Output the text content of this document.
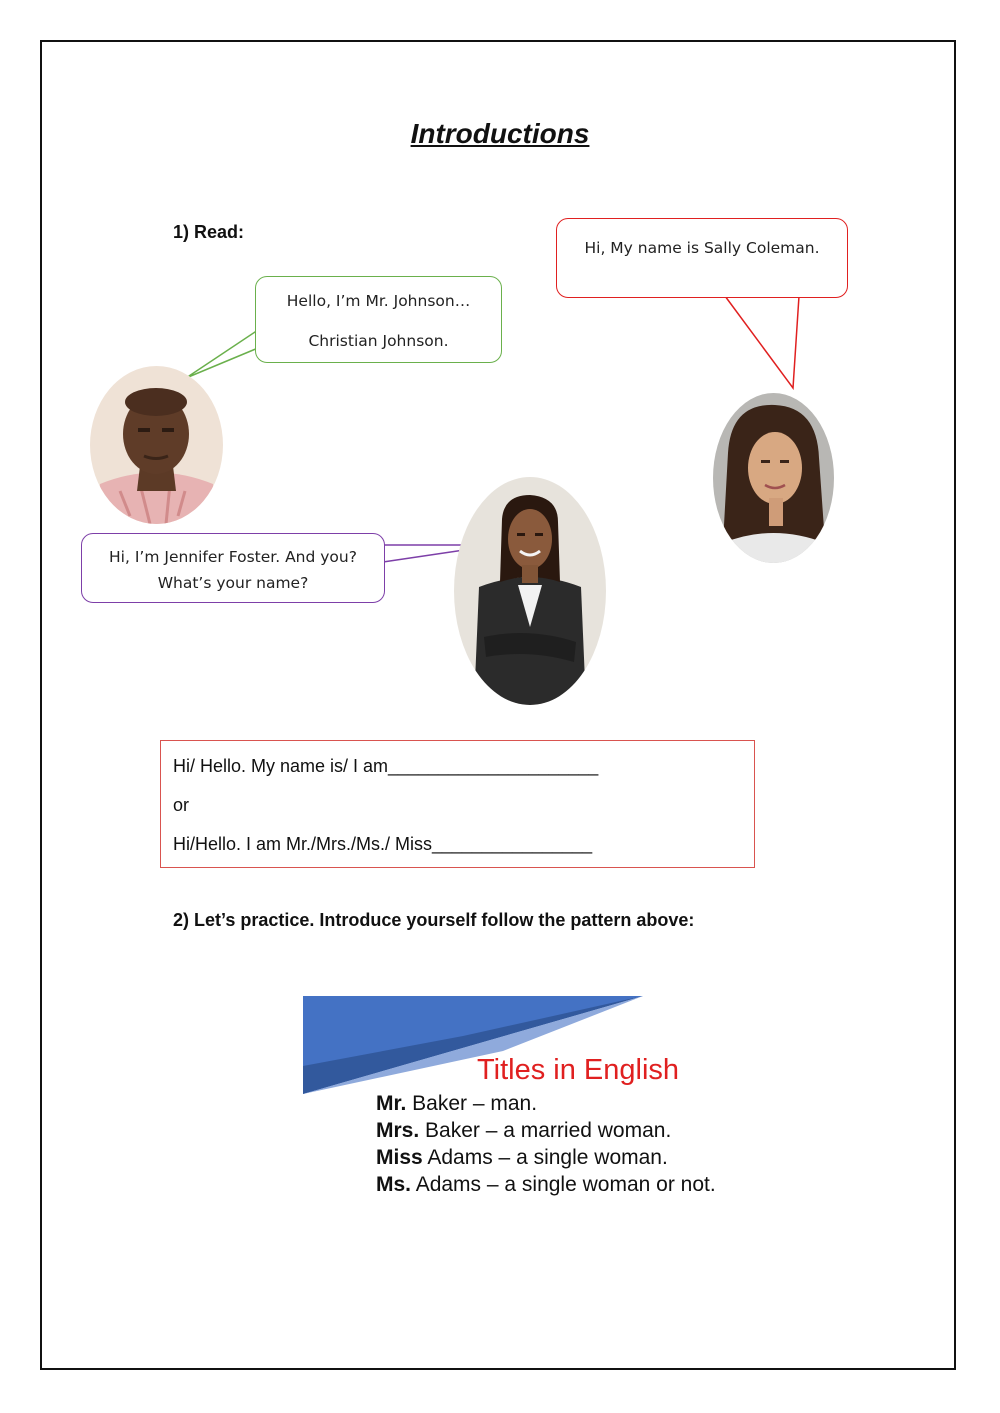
Introductions
1) Read:

Hello, I’m Mr. Johnson…

Christian Johnson.

Hi, My name is Sally Coleman.

Hi, I’m Jennifer Foster. And you?

What’s your name?

Hi/ Hello. My name is/ I am_____________________
or
Hi/Hello. I am Mr./Mrs./Ms./ Miss________________
2) Let’s practice. Introduce yourself follow the pattern above:
Titles in English
Mr. Baker – man.
Mrs. Baker – a married woman.
Miss Adams – a single woman.
Ms. Adams – a single woman or not.
